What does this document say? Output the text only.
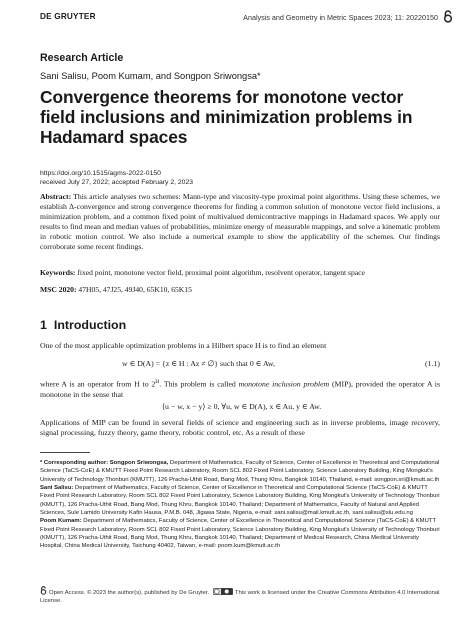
DE GRUYTER	Analysis and Geometry in Metric Spaces 2023; 11: 20220150
Research Article
Sani Salisu, Poom Kumam, and Songpon Sriwongsa*
Convergence theorems for monotone vector field inclusions and minimization problems in Hadamard spaces
https://doi.org/10.1515/agms-2022-0150
received July 27, 2022; accepted February 2, 2023

Abstract: This article analyses two schemes: Mann-type and viscosity-type proximal point algorithms. Using these schemes, we establish Δ-convergence and strong convergence theorems for finding a common solution of monotone vector field inclusions, a minimization problem, and a common fixed point of multivalued demicontractive mappings in Hadamard spaces. We apply our results to find mean and median values of probabilities, minimize energy of measurable mappings, and solve a kinematic problem in robotic motion control. We also include a numerical example to show the applicability of the schemes. Our findings corroborate some recent findings.

Keywords: fixed point, monotone vector field, proximal point algorithm, resolvent operator, tangent space
MSC 2020: 47H05, 47J25, 49J40, 65K10, 65K15
1 Introduction

One of the most applicable optimization problems in a Hilbert space H is to find an element

w ∈ D(A) = {z ∈ H : Az ≠ ∅} such that 0 ∈ Aw,	(1.1)

where A is an operator from H to $2^H$. This problem is called monotone inclusion problem (MIP), provided the operator A is monotone in the sense that

⟨u − w, x − y⟩ ≥ 0, ∀u, w ∈ D(A), x ∈ Au, y ∈ Aw.

Applications of MIP can be found in several fields of science and engineering such as in inverse problems, image recovery, signal processing, fuzzy theory, game theory, robotic control, etc. As a result of these

* Corresponding author: Songpon Sriwongsa, Department of Mathematics, Faculty of Science, Center of Excellence in Theoretical and Computational Science (TaCS-CoE) & KMUTT Fixed Point Research Laboratory, Room SCL 802 Fixed Point Laboratory, Science Laboratory Building, King Mongkut's University of Technology Thonburi (KMUTT), 126 Pracha-Uthit Road, Bang Mod, Thung Khru, Bangkok 10140, Thailand, e-mail: songpon.sri@kmutt.ac.th

Sani Salisu: Department of Mathematics, Faculty of Science, Center of Excellence in Theoretical and Computational Science (TaCS-CoE) & KMUTT Fixed Point Research Laboratory, Room SCL 802 Fixed Point Laboratory, Science Laboratory Building, King Mongkut's University of Technology Thonburi (KMUTT), 126 Pracha-Uthit Road, Bang Mod, Thung Khru, Bangkok 10140, Thailand; Department of Mathematics, Faculty of Natural and Applied Sciences, Sule Lamido University Kafin Hausa, P.M.B. 048, Jigawa State, Nigeria, e-mail: sani.salisu@mail.kmutt.ac.th, sani.salisu@slu.edu.ng

Poom Kumam: Department of Mathematics, Faculty of Science, Center of Excellence in Theoretical and Computational Science (TaCS-CoE) & KMUTT Fixed Point Research Laboratory, Room SCL 802 Fixed Point Laboratory, Science Laboratory Building, King Mongkut's University of Technology Thonburi (KMUTT), 126 Pracha-Uthit Road, Bang Mod, Thung Khru, Bangkok 10140, Thailand; Department of Medical Research, China Medical University Hospital, China Medical University, Taichung 40402, Taiwan, e-mail: poom.kum@kmutt.ac.th

Open Access. © 2023 the author(s), published by De Gruyter.	This work is licensed under the Creative Commons Attribution 4.0 International License.
